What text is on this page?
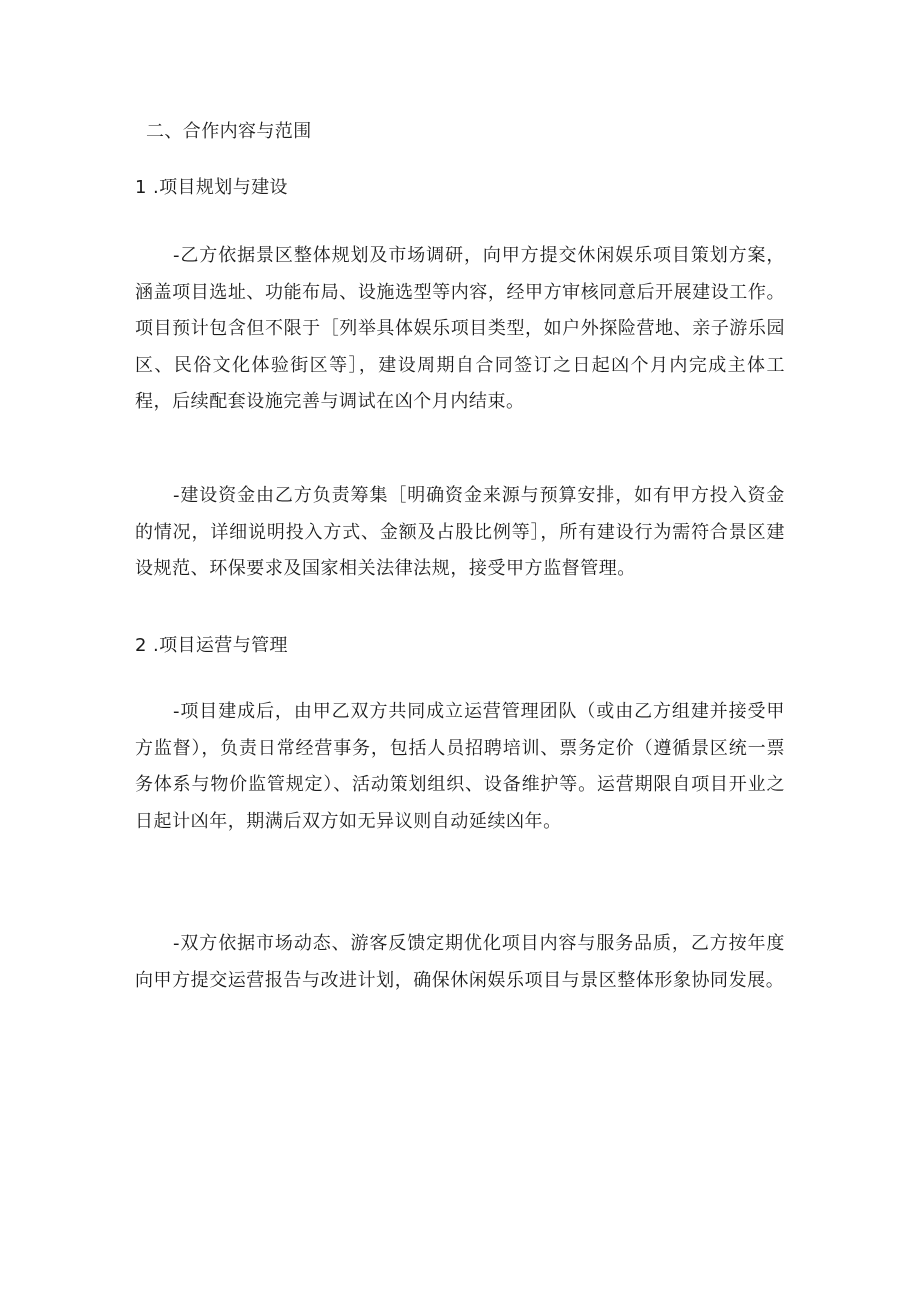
二、合作内容与范围
1 .项目规划与建设

-乙方依据景区整体规划及市场调研，向甲方提交休闲娱乐项目策划方案，涵盖项目选址、功能布局、设施选型等内容，经甲方审核同意后开展建设工作。项目预计包含但不限于［列举具体娱乐项目类型，如户外探险营地、亲子游乐园区、民俗文化体验街区等］，建设周期自合同签订之日起凶个月内完成主体工程，后续配套设施完善与调试在凶个月内结束。

-建设资金由乙方负责筹集［明确资金来源与预算安排，如有甲方投入资金的情况，详细说明投入方式、金额及占股比例等］，所有建设行为需符合景区建设规范、环保要求及国家相关法律法规，接受甲方监督管理。

2 .项目运营与管理

-项目建成后，由甲乙双方共同成立运营管理团队（或由乙方组建并接受甲方监督），负责日常经营事务，包括人员招聘培训、票务定价（遵循景区统一票务体系与物价监管规定）、活动策划组织、设备维护等。运营期限自项目开业之日起计凶年，期满后双方如无异议则自动延续凶年。

-双方依据市场动态、游客反馈定期优化项目内容与服务品质，乙方按年度向甲方提交运营报告与改进计划，确保休闲娱乐项目与景区整体形象协同发展。
